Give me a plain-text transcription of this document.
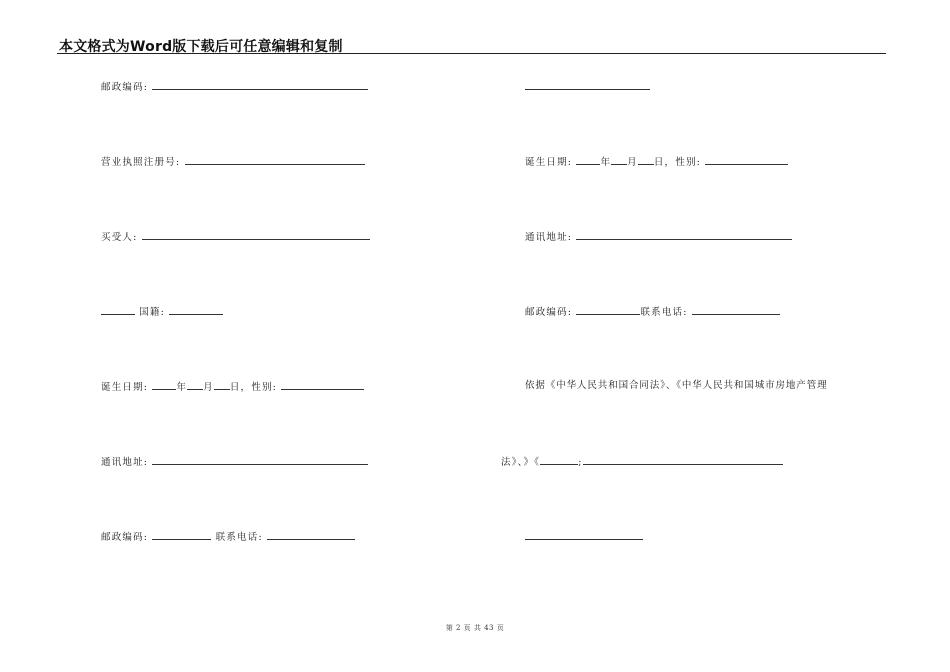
本文格式为Word版下载后可任意编辑和复制
邮政编码:
营业执照注册号:
买受人:
国籍:
诞生日期:	年 月 日，性别:
通讯地址:
邮政编码:	联系电话:
诞生日期:	年 月 日，性别:
通讯地址:
邮政编码:	联系电话:
依据《中华人民共和国合同法》、《中华人民共和国城市房地产管理
法》、》《	;
第 2 页 共 43 页
